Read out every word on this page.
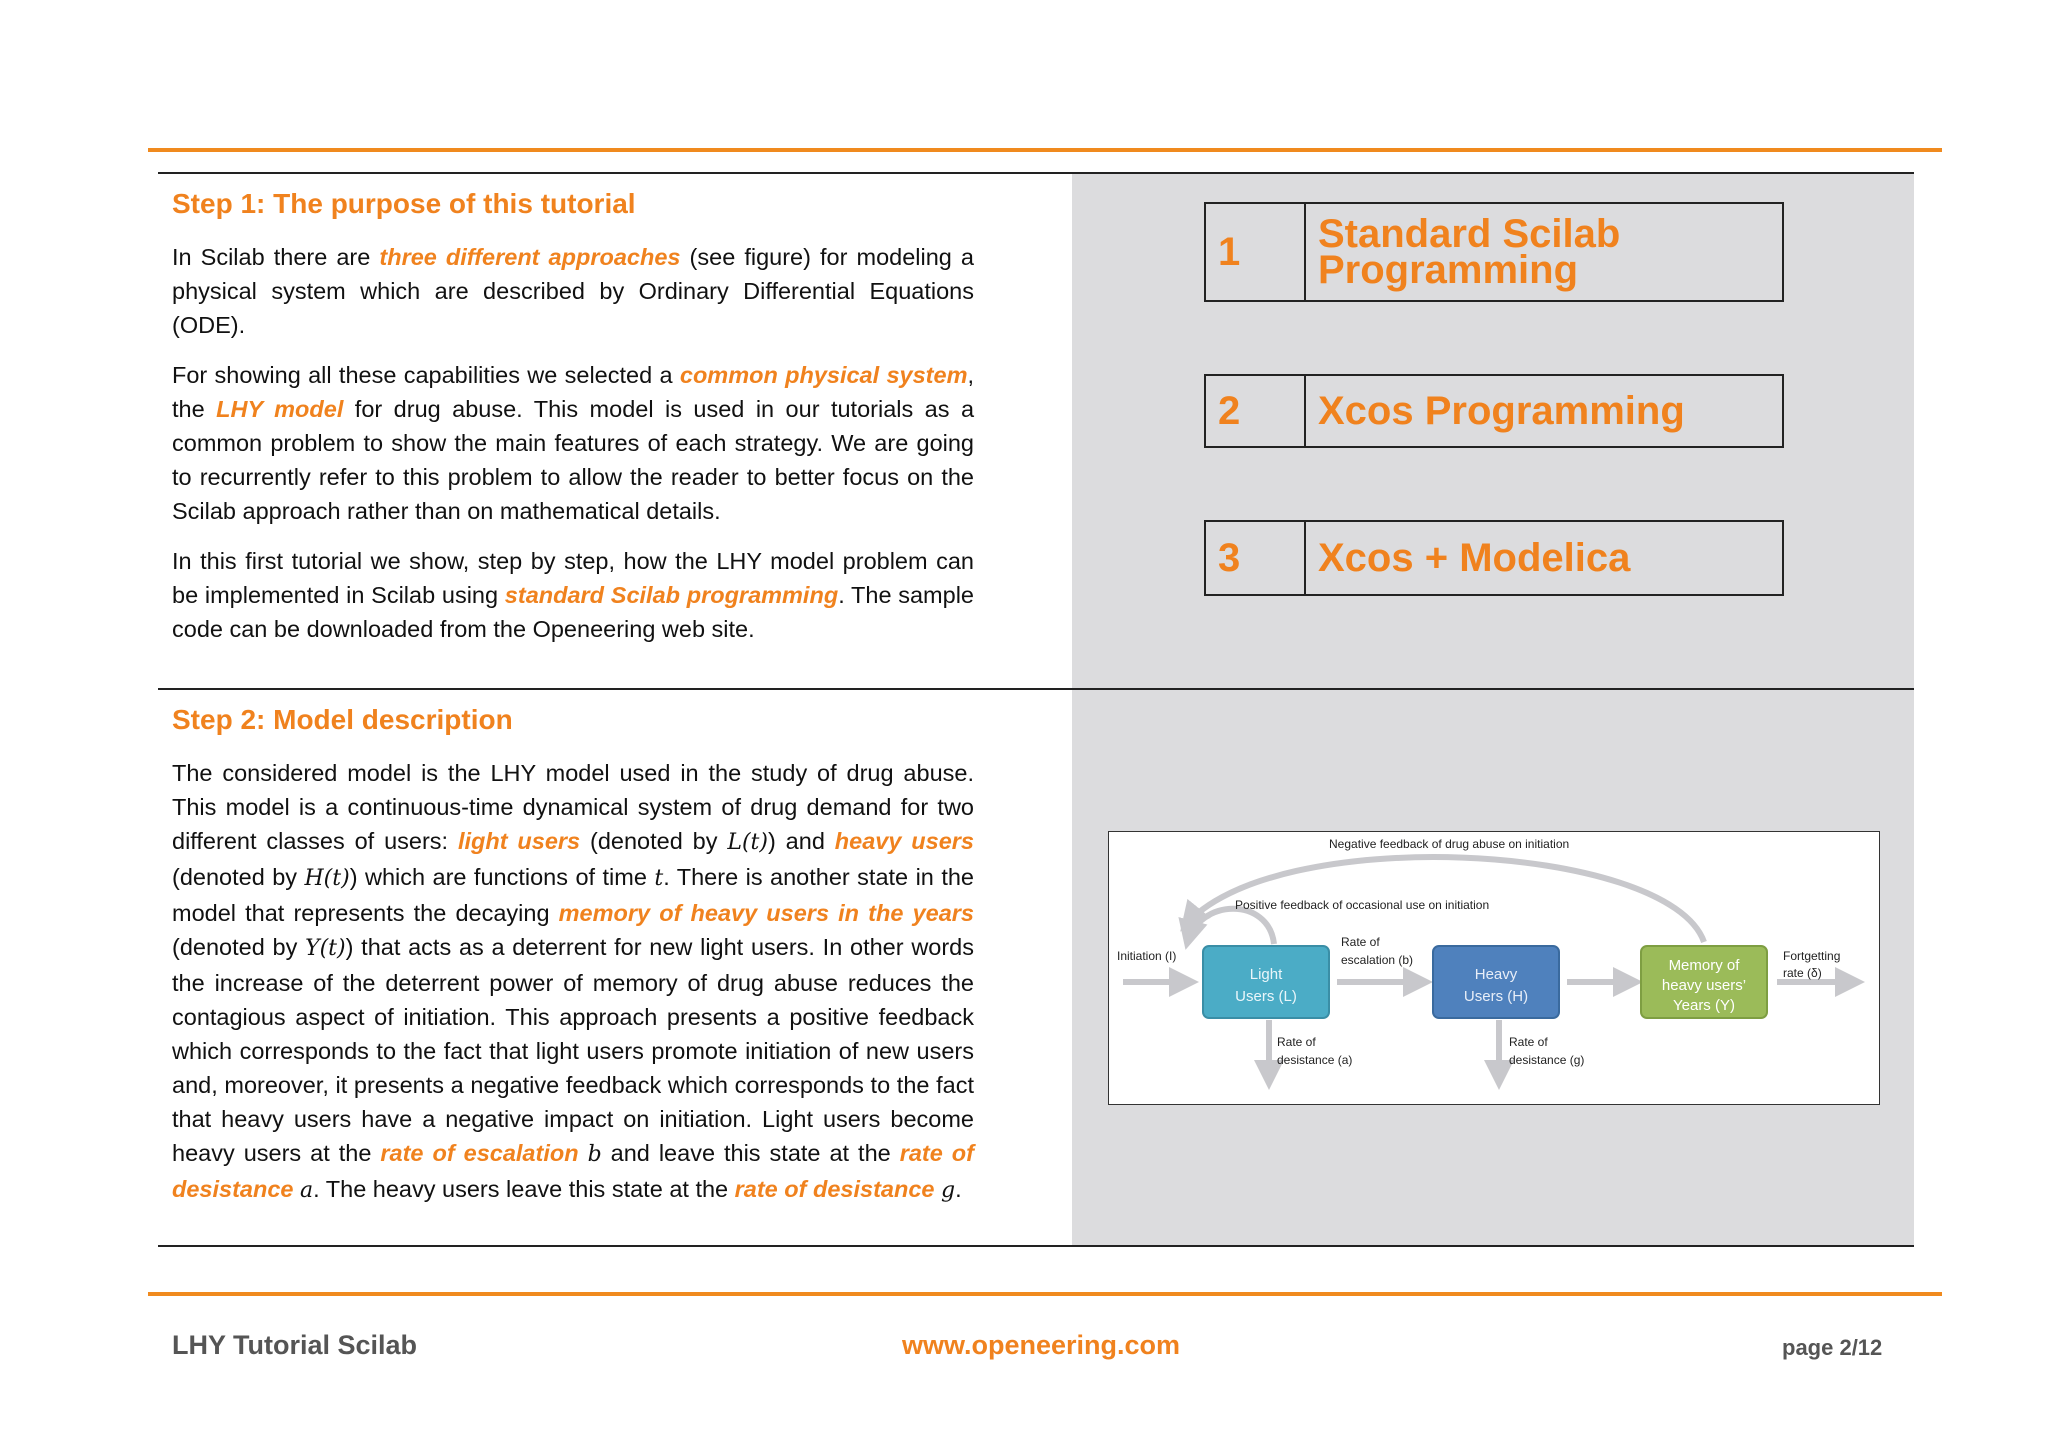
Step 1: The purpose of this tutorial

In Scilab there are three different approaches (see figure) for modeling a physical system which are described by Ordinary Differential Equations (ODE).

For showing all these capabilities we selected a common physical system, the LHY model for drug abuse. This model is used in our tutorials as a common problem to show the main features of each strategy. We are going to recurrently refer to this problem to allow the reader to better focus on the Scilab approach rather than on mathematical details.

In this first tutorial we show, step by step, how the LHY model problem can be implemented in Scilab using standard Scilab programming. The sample code can be downloaded from the Openeering web site.

1	Standard Scilab Programming
2	Xcos Programming
3	Xcos + Modelica
Step 2: Model description

The considered model is the LHY model used in the study of drug abuse. This model is a continuous-time dynamical system of drug demand for two different classes of users: light users (denoted by L(t)) and heavy users (denoted by H(t)) which are functions of time t. There is another state in the model that represents the decaying memory of heavy users in the years (denoted by Y(t)) that acts as a deterrent for new light users. In other words the increase of the deterrent power of memory of drug abuse reduces the contagious aspect of initiation. This approach presents a positive feedback which corresponds to the fact that light users promote initiation of new users and, moreover, it presents a negative feedback which corresponds to the fact that heavy users have a negative impact on initiation. Light users become heavy users at the rate of escalation b and leave this state at the rate of desistance a. The heavy users leave this state at the rate of desistance g.

Negative feedback of drug abuse on initiation
Positive feedback of occasional use on initiation
Light
Users (L)
Heavy
Users (H)
Memory of
heavy users’
Years (Y)
Initiation (I)
Rate of
escalation (b)	Fortgetting
rate (δ)
Rate of
desistance (a)
Rate of
desistance (g)
LHY Tutorial Scilab	www.openeering.com	page 2/12
